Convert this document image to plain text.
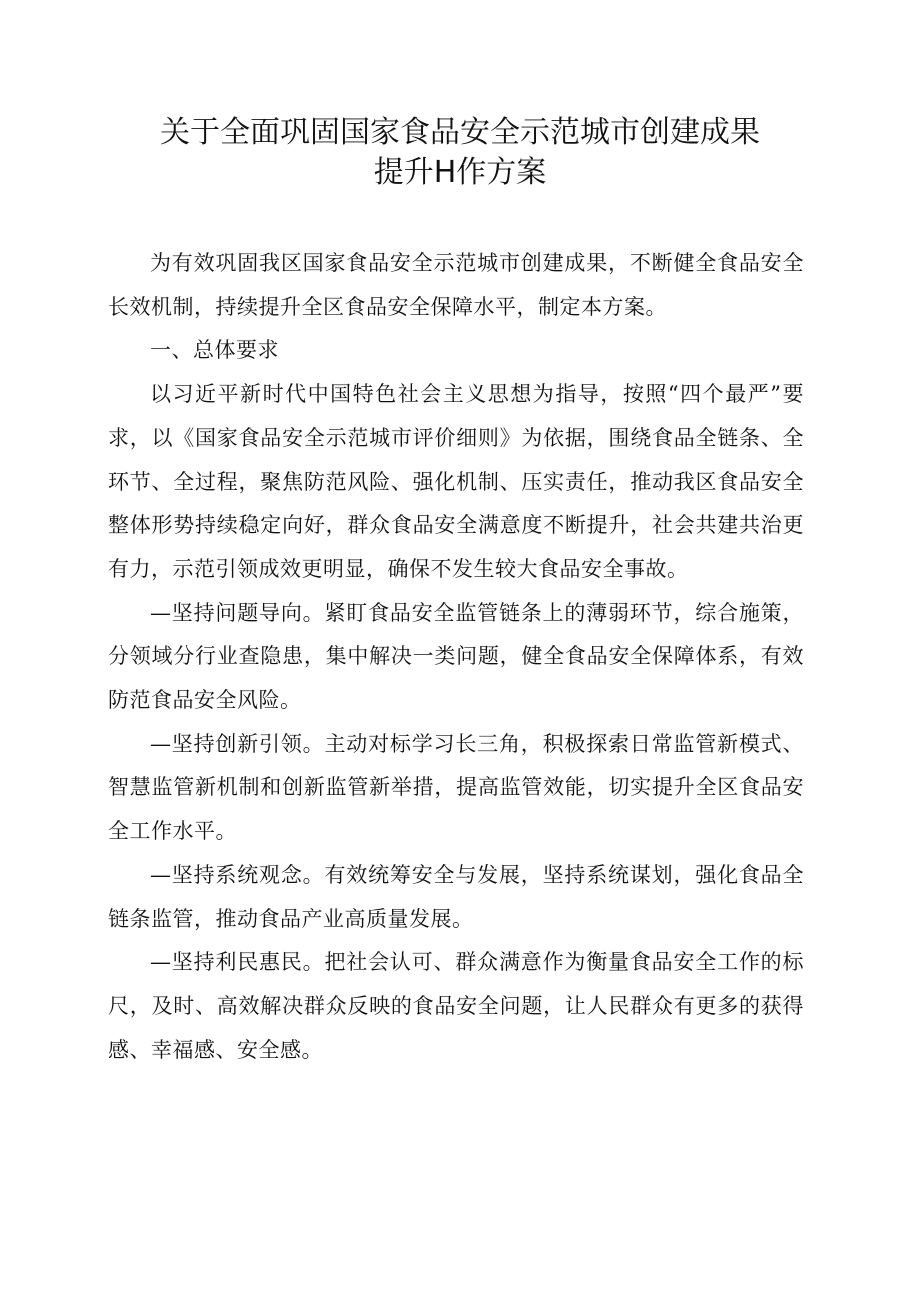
关于全面巩固国家食品安全示范城市创建成果
提升H作方案

为有效巩固我区国家食品安全示范城市创建成果，不断健全食品安全长效机制，持续提升全区食品安全保障水平，制定本方案。

一、总体要求

以习近平新时代中国特色社会主义思想为指导，按照“四个最严”要求，以《国家食品安全示范城市评价细则》为依据，围绕食品全链条、全环节、全过程，聚焦防范风险、强化机制、压实责任，推动我区食品安全整体形势持续稳定向好，群众食品安全满意度不断提升，社会共建共治更有力，示范引领成效更明显，确保不发生较大食品安全事故。

—坚持问题导向。紧盯食品安全监管链条上的薄弱环节，综合施策，分领域分行业查隐患，集中解决一类问题，健全食品安全保障体系，有效防范食品安全风险。

—坚持创新引领。主动对标学习长三角，积极探索日常监管新模式、智慧监管新机制和创新监管新举措，提高监管效能，切实提升全区食品安全工作水平。

—坚持系统观念。有效统筹安全与发展，坚持系统谋划，强化食品全链条监管，推动食品产业高质量发展。

—坚持利民惠民。把社会认可、群众满意作为衡量食品安全工作的标尺，及时、高效解决群众反映的食品安全问题，让人民群众有更多的获得感、幸福感、安全感。
